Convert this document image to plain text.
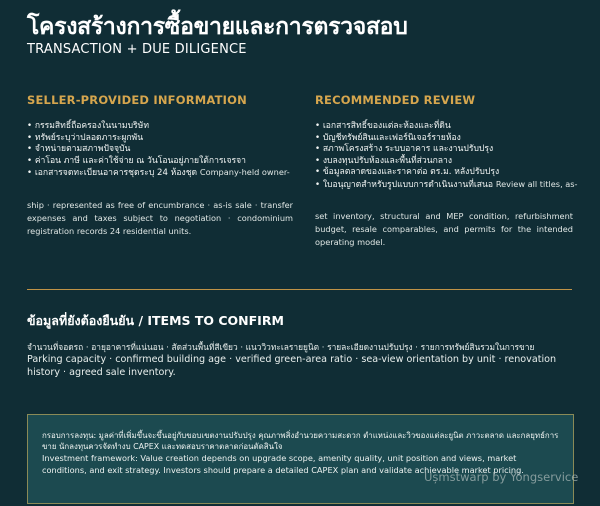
โครงสร้างการซื้อขายและการตรวจสอบ
TRANSACTION + DUE DILIGENCE
SELLER-PROVIDED INFORMATION
• กรรมสิทธิ์ถือครองในนามบริษัท
• ทรัพย์ระบุว่าปลอดภาระผูกพัน
• จำหน่ายตามสภาพปัจจุบัน
• ค่าโอน ภาษี และค่าใช้จ่าย ณ วันโอนอยู่ภายใต้การเจรจา
• เอกสารจดทะเบียนอาคารชุดระบุ 24 ห้องชุด Company-held owner-

ship · represented as free of encumbrance · as-is sale · transfer expenses and taxes subject to negotiation · condominium registration records 24 residential units.

RECOMMENDED REVIEW
• เอกสารสิทธิ์ของแต่ละห้องและที่ดิน
• บัญชีทรัพย์สินและเฟอร์นิเจอร์รายห้อง
• สภาพโครงสร้าง ระบบอาคาร และงานปรับปรุง
• งบลงทุนปรับห้องและพื้นที่ส่วนกลาง
• ข้อมูลตลาดของและราคาต่อ ตร.ม. หลังปรับปรุง
• ใบอนุญาตสำหรับรูปแบบการดำเนินงานที่เสนอ Review all titles, as-

set inventory, structural and MEP condition, refurbishment budget, resale comparables, and permits for the intended operating model.

ข้อมูลที่ยังต้องยืนยัน / ITEMS TO CONFIRM
จำนวนที่จอดรถ · อายุอาคารที่แน่นอน · สัดส่วนพื้นที่สีเขียว · แนววิวทะเลรายยูนิต · รายละเอียดงานปรับปรุง · รายการทรัพย์สินรวมในการขาย
Parking capacity · confirmed building age · verified green-area ratio · sea-view orientation by unit · renovation history · agreed sale inventory.
กรอบการลงทุน: มูลค่าที่เพิ่มขึ้นจะขึ้นอยู่กับขอบเขตงานปรับปรุง คุณภาพสิ่งอำนวยความสะดวก ตำแหน่งและวิวของแต่ละยูนิต ภาวะตลาด และกลยุทธ์การขาย นักลงทุนควรจัดทำงบ CAPEX และทดสอบราคาตลาดก่อนตัดสินใจ
Investment framework: Value creation depends on upgrade scope, amenity quality, unit position and views, market conditions, and exit strategy. Investors should prepare a detailed CAPEX plan and validate achievable market pricing.
Ușmstwarp by Yongservice
